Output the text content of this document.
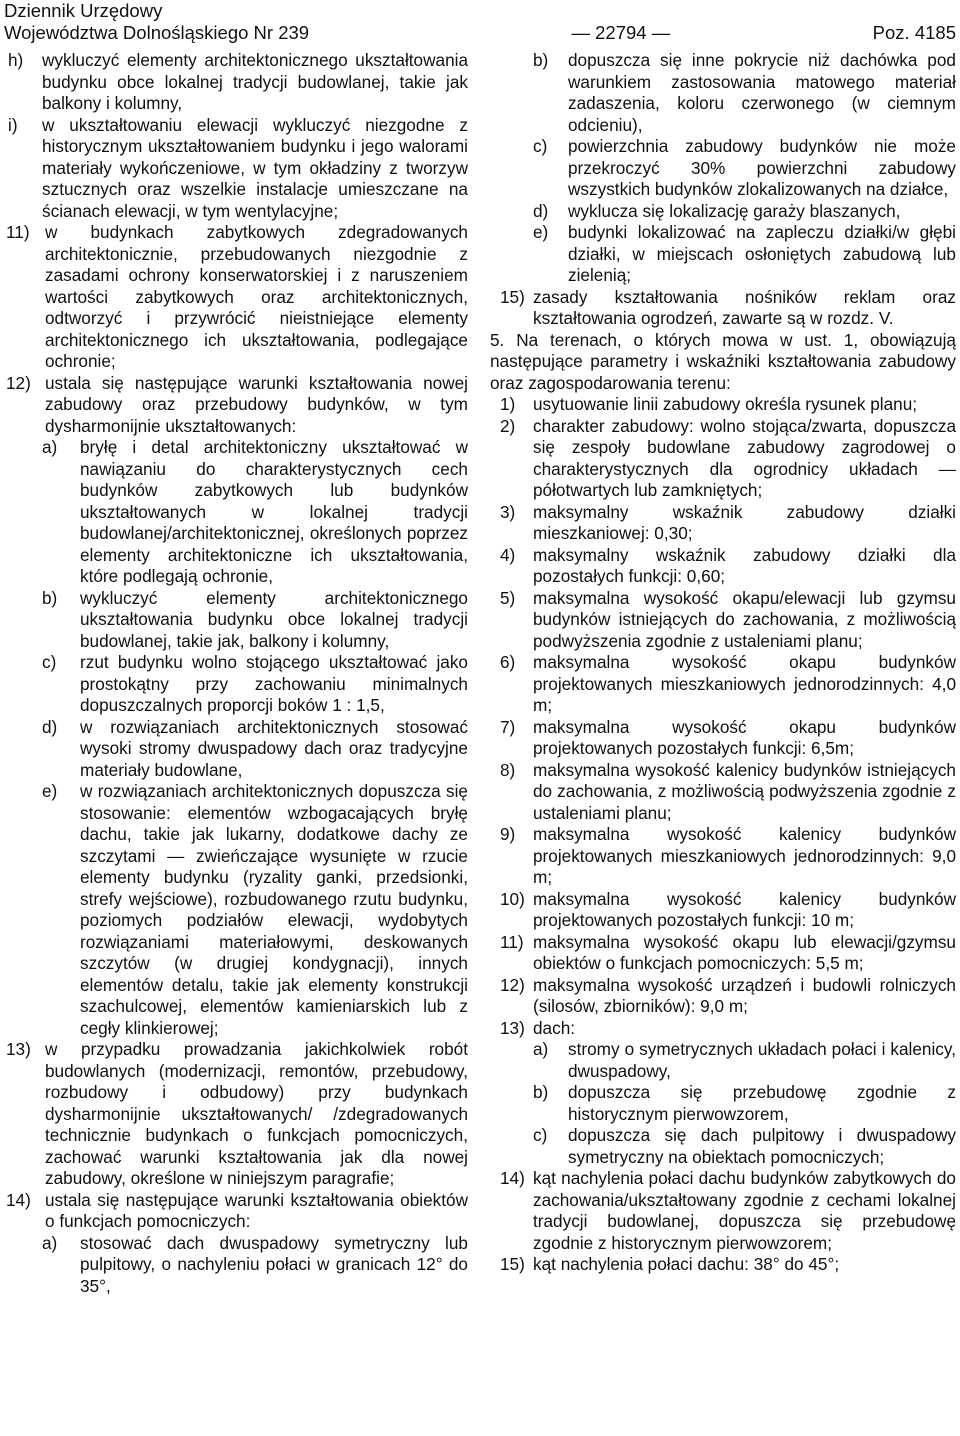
Dziennik Urzędowy
Województwa Dolnośląskiego Nr 239	— 22794 —	Poz. 4185

h) wykluczyć elementy architektonicznego ukształtowania budynku obce lokalnej tradycji budowlanej, takie jak balkony i kolumny,

i) w ukształtowaniu elewacji wykluczyć niezgodne z historycznym ukształtowaniem budynku i jego walorami materiały wykończeniowe, w tym okładziny z tworzyw sztucznych oraz wszelkie instalacje umieszczane na ścianach elewacji, w tym wentylacyjne;

11) w budynkach zabytkowych zdegradowanych architektonicznie, przebudowanych niezgodnie z zasadami ochrony konserwatorskiej i z naruszeniem wartości zabytkowych oraz architektonicznych, odtworzyć i przywrócić nieistniejące elementy architektonicznego ich ukształtowania, podlegające ochronie;

12) ustala się następujące warunki kształtowania nowej zabudowy oraz przebudowy budynków, w tym dysharmonijnie ukształtowanych:

a) bryłę i detal architektoniczny ukształtować w nawiązaniu do charakterystycznych cech budynków zabytkowych lub budynków ukształtowanych w lokalnej tradycji budowlanej/architektonicznej, określonych poprzez elementy architektoniczne ich ukształtowania, które podlegają ochronie,

b) wykluczyć elementy architektonicznego ukształtowania budynku obce lokalnej tradycji budowlanej, takie jak, balkony i kolumny,

c) rzut budynku wolno stojącego ukształtować jako prostokątny przy zachowaniu minimalnych dopuszczalnych proporcji boków 1 : 1,5,

d) w rozwiązaniach architektonicznych stosować wysoki stromy dwuspadowy dach oraz tradycyjne materiały budowlane,

e) w rozwiązaniach architektonicznych dopuszcza się stosowanie: elementów wzbogacających bryłę dachu, takie jak lukarny, dodatkowe dachy ze szczytami — zwieńczające wysunięte w rzucie elementy budynku (ryzality ganki, przedsionki, strefy wejściowe), rozbudowanego rzutu budynku, poziomych podziałów elewacji, wydobytych rozwiązaniami materiałowymi, deskowanych szczytów (w drugiej kondygnacji), innych elementów detalu, takie jak elementy konstrukcji szachulcowej, elementów kamieniarskich lub z cegły klinkierowej;

13) w przypadku prowadzania jakichkolwiek robót budowlanych (modernizacji, remontów, przebudowy, rozbudowy i odbudowy) przy budynkach dysharmonijnie ukształtowanych/ /zdegradowanych technicznie budynkach o funkcjach pomocniczych, zachować warunki kształtowania jak dla nowej zabudowy, określone w niniejszym paragrafie;

14) ustala się następujące warunki kształtowania obiektów o funkcjach pomocniczych:

a) stosować dach dwuspadowy symetryczny lub pulpitowy, o nachyleniu połaci w granicach 12° do 35°,

b) dopuszcza się inne pokrycie niż dachówka pod warunkiem zastosowania matowego materiał zadaszenia, koloru czerwonego (w ciemnym odcieniu),

c) powierzchnia zabudowy budynków nie może przekroczyć 30% powierzchni zabudowy wszystkich budynków zlokalizowanych na działce,

d) wyklucza się lokalizację garaży blaszanych,

e) budynki lokalizować na zapleczu działki/w głębi działki, w miejscach osłoniętych zabudową lub zielenią;

15) zasady kształtowania nośników reklam oraz kształtowania ogrodzeń, zawarte są w rozdz. V.

5. Na terenach, o których mowa w ust. 1, obowiązują następujące parametry i wskaźniki kształtowania zabudowy oraz zagospodarowania terenu:

1) usytuowanie linii zabudowy określa rysunek planu;

2) charakter zabudowy: wolno stojąca/zwarta, dopuszcza się zespoły budowlane zabudowy zagrodowej o charakterystycznych dla ogrodnicy układach — półotwartych lub zamkniętych;

3) maksymalny wskaźnik zabudowy działki mieszkaniowej: 0,30;

4) maksymalny wskaźnik zabudowy działki dla pozostałych funkcji: 0,60;

5) maksymalna wysokość okapu/elewacji lub gzymsu budynków istniejących do zachowania, z możliwością podwyższenia zgodnie z ustaleniami planu;

6) maksymalna wysokość okapu budynków projektowanych mieszkaniowych jednorodzinnych: 4,0 m;

7) maksymalna wysokość okapu budynków projektowanych pozostałych funkcji: 6,5m;

8) maksymalna wysokość kalenicy budynków istniejących do zachowania, z możliwością podwyższenia zgodnie z ustaleniami planu;

9) maksymalna wysokość kalenicy budynków projektowanych mieszkaniowych jednorodzinnych: 9,0 m;

10) maksymalna wysokość kalenicy budynków projektowanych pozostałych funkcji: 10 m;

11) maksymalna wysokość okapu lub elewacji/gzymsu obiektów o funkcjach pomocniczych: 5,5 m;

12) maksymalna wysokość urządzeń i budowli rolniczych (silosów, zbiorników): 9,0 m;

13) dach:

a) stromy o symetrycznych układach połaci i kalenicy, dwuspadowy,

b) dopuszcza się przebudowę zgodnie z historycznym pierwowzorem,

c) dopuszcza się dach pulpitowy i dwuspadowy symetryczny na obiektach pomocniczych;

14) kąt nachylenia połaci dachu budynków zabytkowych do zachowania/ukształtowany zgodnie z cechami lokalnej tradycji budowlanej, dopuszcza się przebudowę zgodnie z historycznym pierwowzorem;

15) kąt nachylenia połaci dachu: 38° do 45°;
